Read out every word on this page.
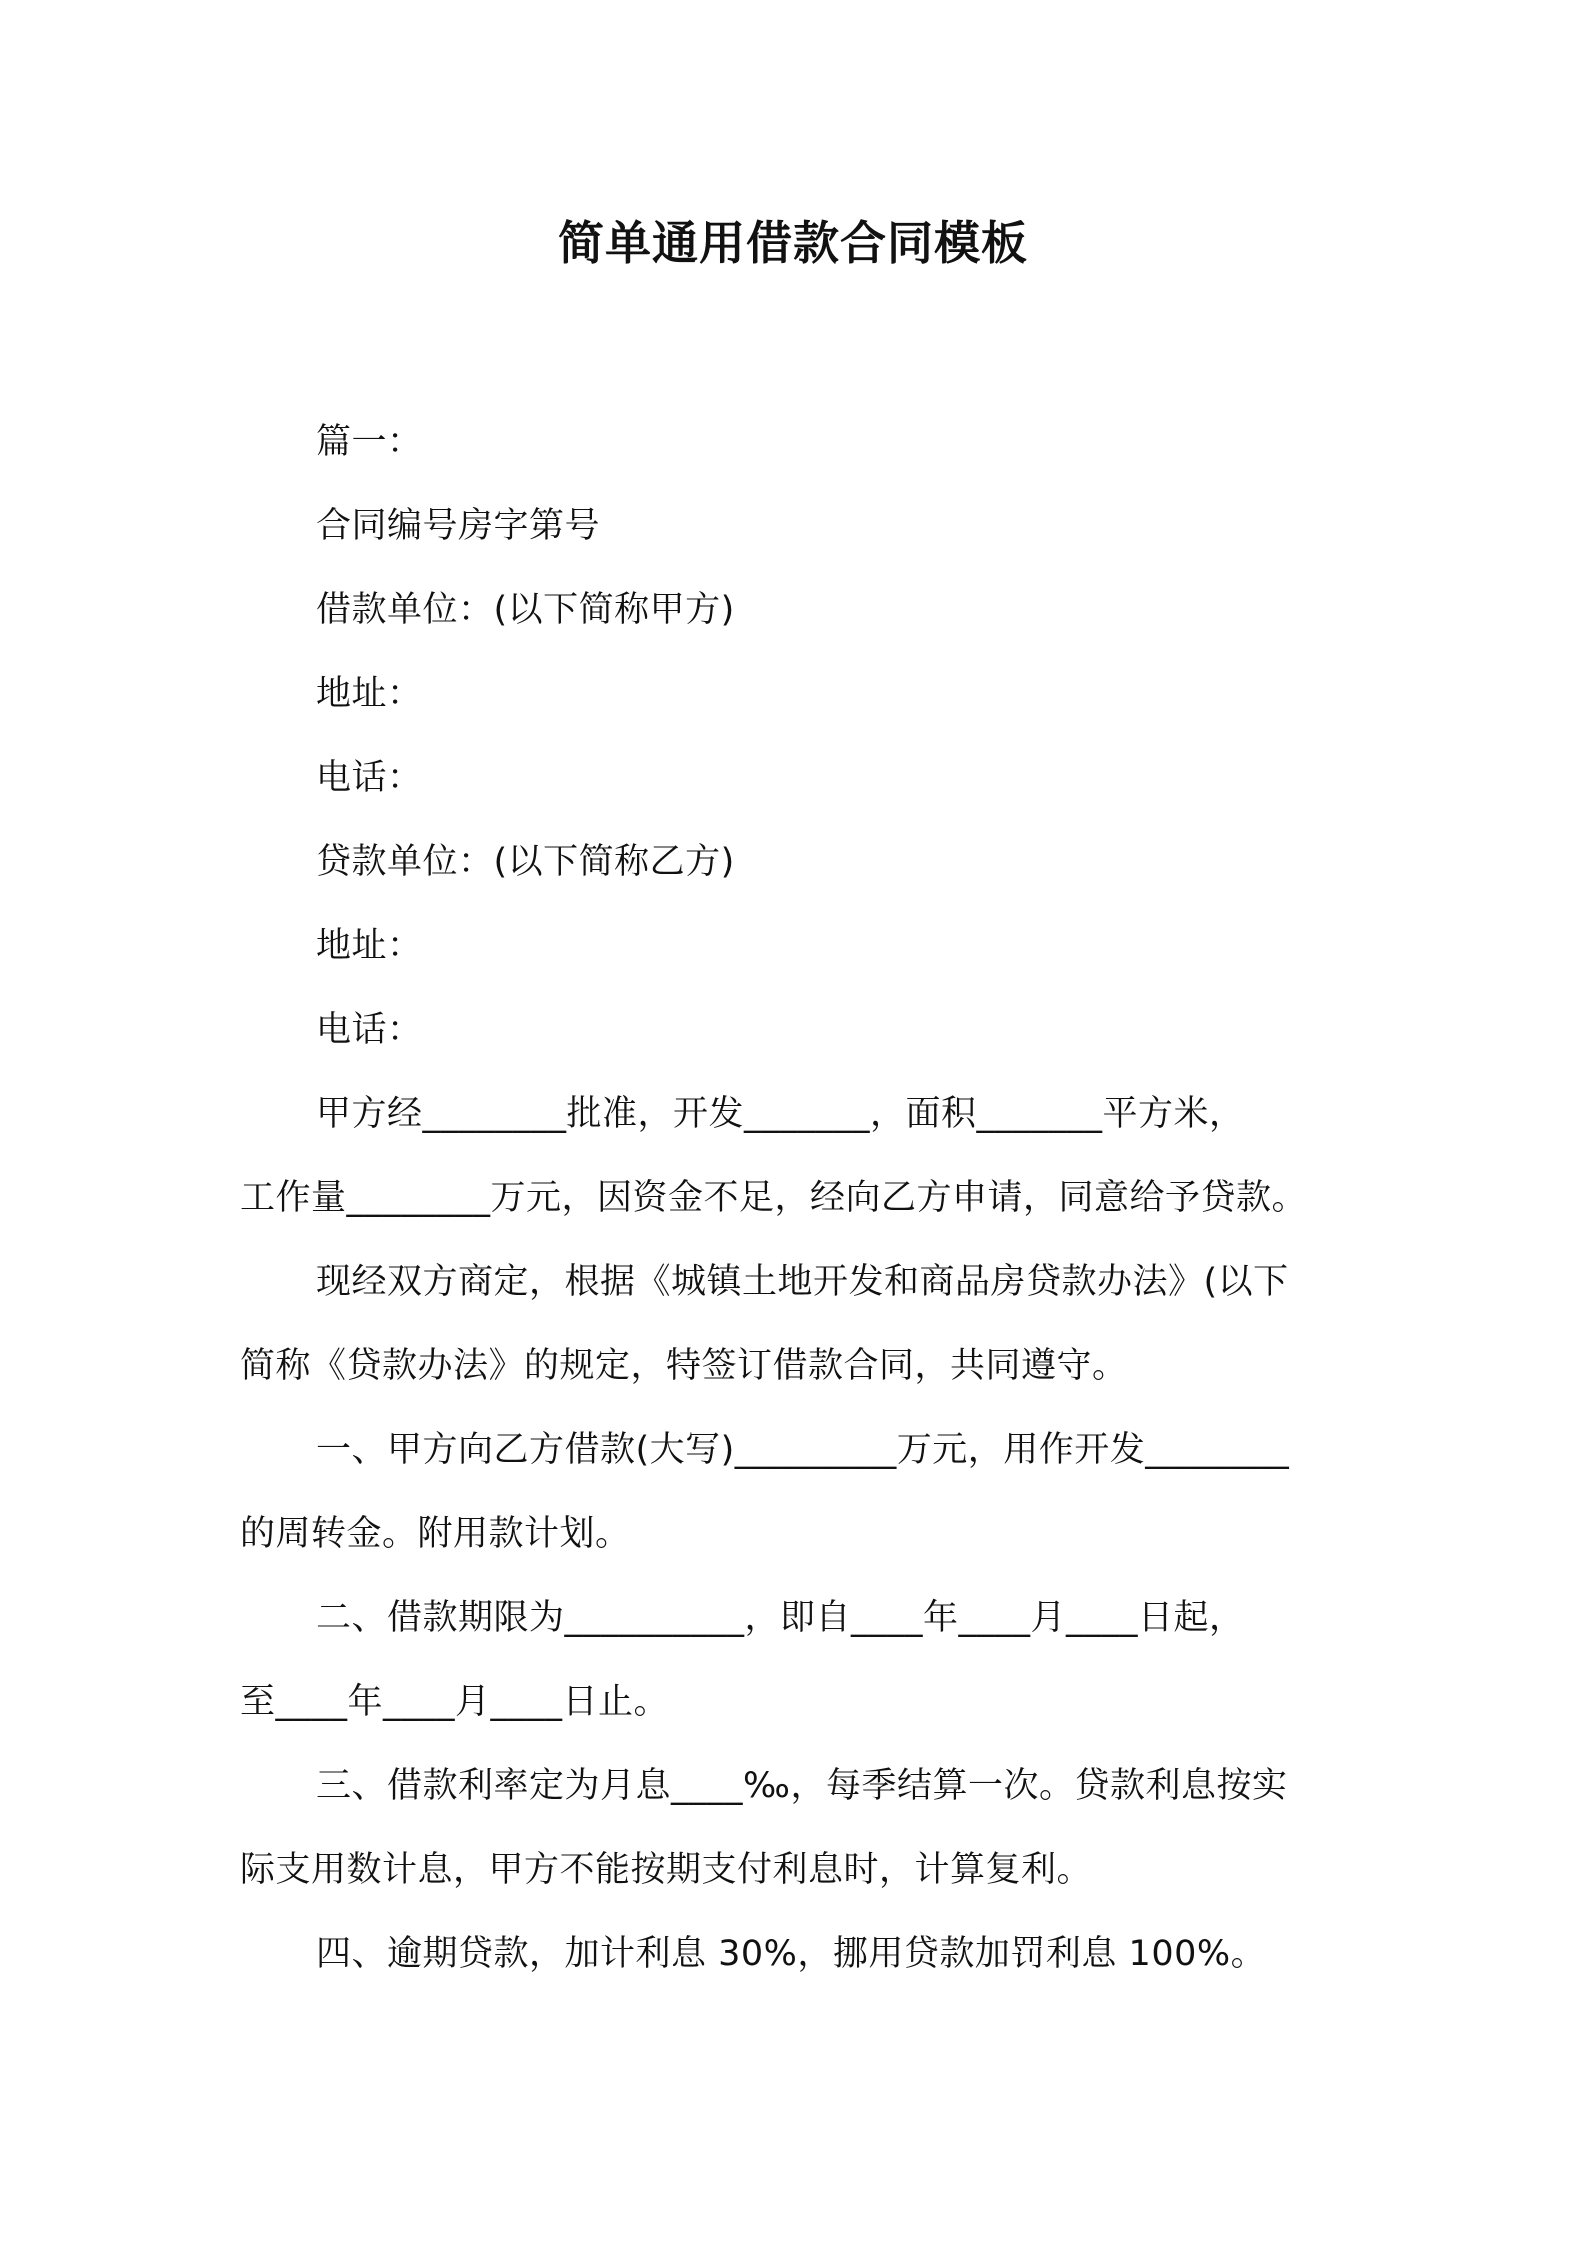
简单通用借款合同模板

篇一：

合同编号房字第号

借款单位：(以下简称甲方)

地址：

电话：

贷款单位：(以下简称乙方)

地址：

电话：

甲方经________批准，开发_______，面积_______平方米，

工作量________万元，因资金不足，经向乙方申请，同意给予贷款。

现经双方商定，根据《城镇土地开发和商品房贷款办法》(以下

简称《贷款办法》的规定，特签订借款合同，共同遵守。

一、甲方向乙方借款(大写)_________万元，用作开发________

的周转金。附用款计划。

二、借款期限为__________，即自____年____月____日起，

至____年____月____日止。

三、借款利率定为月息____‰，每季结算一次。贷款利息按实

际支用数计息，甲方不能按期支付利息时，计算复利。

四、逾期贷款，加计利息 30%，挪用贷款加罚利息 100%。
